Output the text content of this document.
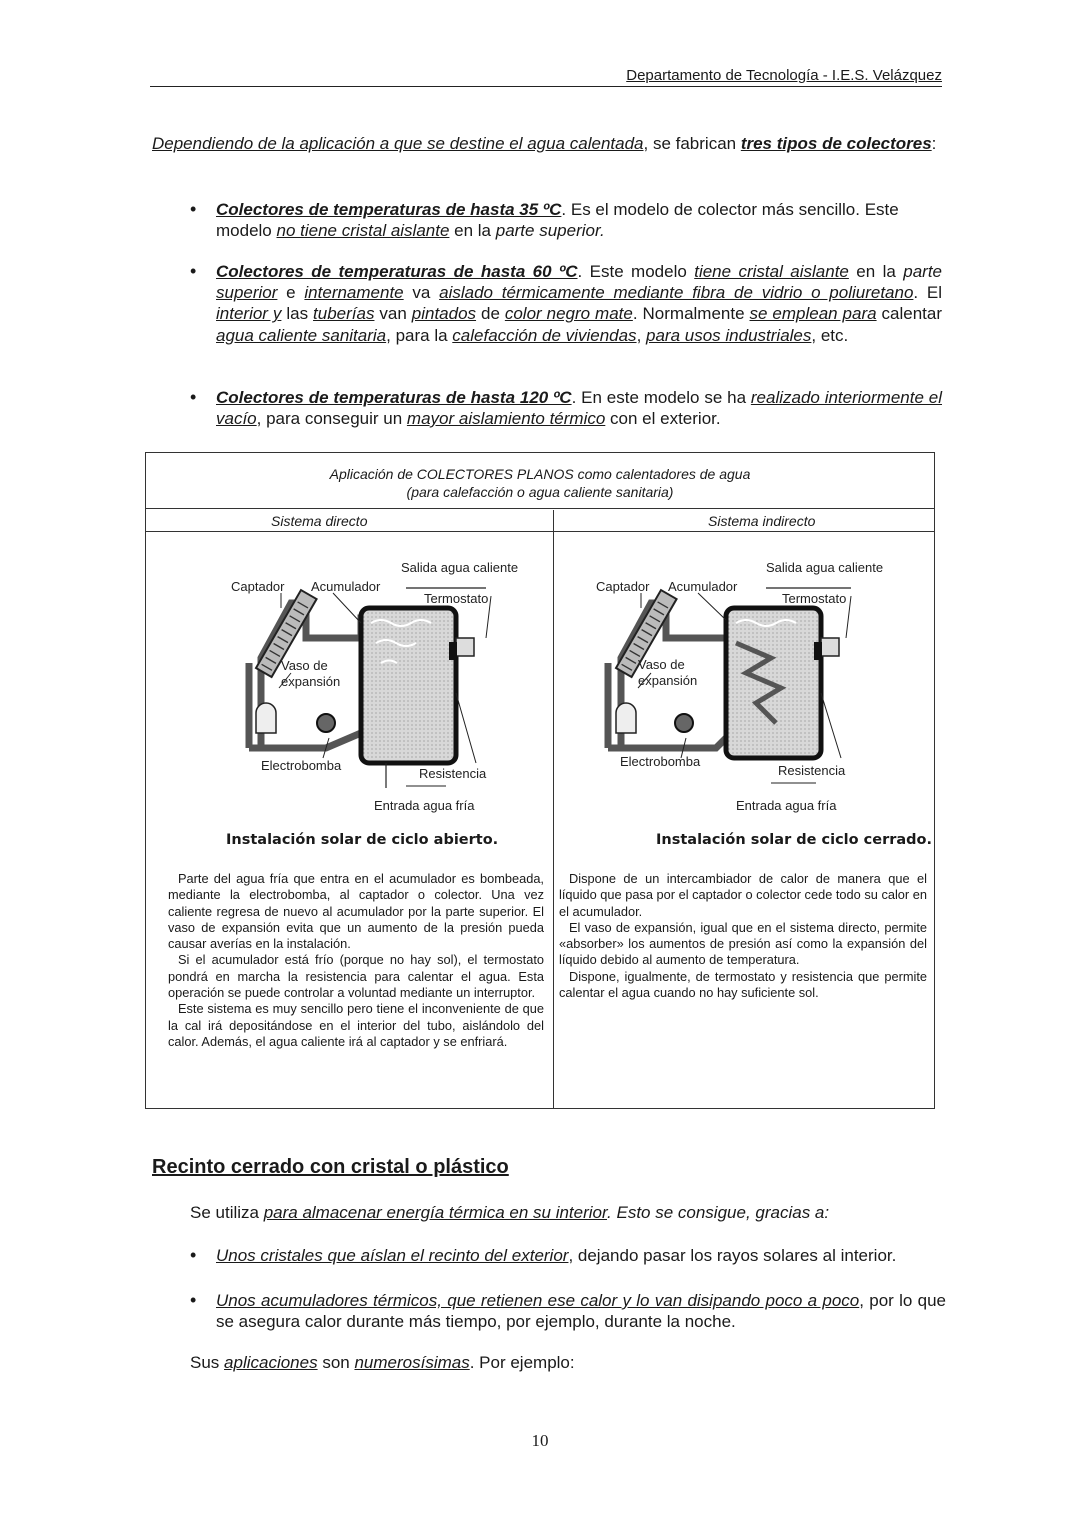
Departamento de Tecnología - I.E.S. Velázquez
Dependiendo de la aplicación a que se destine el agua calentada, se fabrican tres tipos de colectores:
• Colectores de temperaturas de hasta 35 ºC. Es el modelo de colector más sencillo. Este modelo no tiene cristal aislante en la parte superior.
• Colectores de temperaturas de hasta 60 ºC. Este modelo tiene cristal aislante en la parte superior e internamente va aislado térmicamente mediante fibra de vidrio o poliuretano. El interior y las tuberías van pintados de color negro mate. Normalmente se emplean para calentar agua caliente sanitaria, para la calefacción de viviendas, para usos industriales, etc.
• Colectores de temperaturas de hasta 120 ºC. En este modelo se ha realizado interiormente el vacío, para conseguir un mayor aislamiento térmico con el exterior.
Aplicación de COLECTORES PLANOS como calentadores de agua
(para calefacción o agua caliente sanitaria)
Sistema directo	Sistema indirecto
Salida agua caliente
Captador Acumulador
Termostato
Vaso de
expansión
Electrobomba
Resistencia
Entrada agua fría
Salida agua caliente
Captador Acumulador
Termostato
Vaso de
expansión
Electrobomba
Resistencia
Entrada agua fría
Instalación solar de ciclo abierto.	Instalación solar de ciclo cerrado.

Parte del agua fría que entra en el acumulador es bombeada, mediante la electrobomba, al captador o colector. Una vez caliente regresa de nuevo al acumulador por la parte superior. El vaso de expansión evita que un aumento de la presión pueda causar averías en la instalación.

Si el acumulador está frío (porque no hay sol), el termostato pondrá en marcha la resistencia para calentar el agua. Esta operación se puede controlar a voluntad mediante un interruptor.

Este sistema es muy sencillo pero tiene el inconveniente de que la cal irá depositándose en el interior del tubo, aislándolo del calor. Además, el agua caliente irá al captador y se enfriará.

Dispone de un intercambiador de calor de manera que el líquido que pasa por el captador o colector cede todo su calor en el acumulador.

El vaso de expansión, igual que en el sistema directo, permite «absorber» los aumentos de presión así como la expansión del líquido debido al aumento de temperatura.

Dispone, igualmente, de termostato y resistencia que permite calentar el agua cuando no hay suficiente sol.

Recinto cerrado con cristal o plástico
Se utiliza para almacenar energía térmica en su interior. Esto se consigue, gracias a:
• Unos cristales que aíslan el recinto del exterior, dejando pasar los rayos solares al interior.
• Unos acumuladores térmicos, que retienen ese calor y lo van disipando poco a poco, por lo que se asegura calor durante más tiempo, por ejemplo, durante la noche.
Sus aplicaciones son numerosísimas. Por ejemplo:
10
